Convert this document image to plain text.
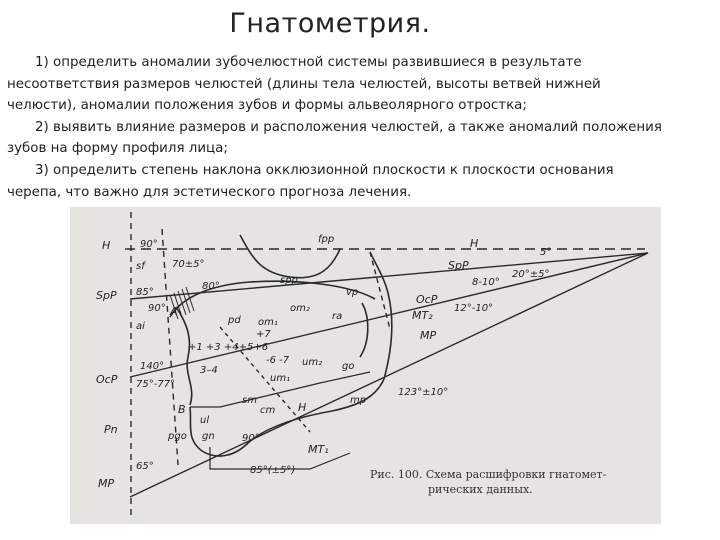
Гнатометрия.

1) определить аномалии зубочелюстной системы развившиеся в результате несоответствия размеров челюстей (длины тела челюстей, высоты ветвей нижней челюсти), аномалии положения зубов и формы альвеолярного отростка;

2) выявить влияние размеров и расположения челюстей, а также аномалий положения зубов на форму профиля лица;

3) определить степень наклона окклюзионной плоскости к плоскости основания черепа, что важно для эстетического прогноза лечения.

H	H
fpp
90°
sf	70±5°
SpP
SpP
5°
8-10°
20°±5°
85°
80°
spp
vp
OcP
MT₂
MP
12°-10°
ai
90° A
pd om₁
om₂
ra
+7
+1 +3 +4+5+6
-6 -7 um₂ go
140°
OcP 75°-77°
3–4
um₁
123°±10°
B
sm	mp
cm H
ul
Pn
pgo gn	90°
MT₁
65°
MP
85°(±5°)	Рис. 100. Схема расшифровки гнатомет-
рических данных.
